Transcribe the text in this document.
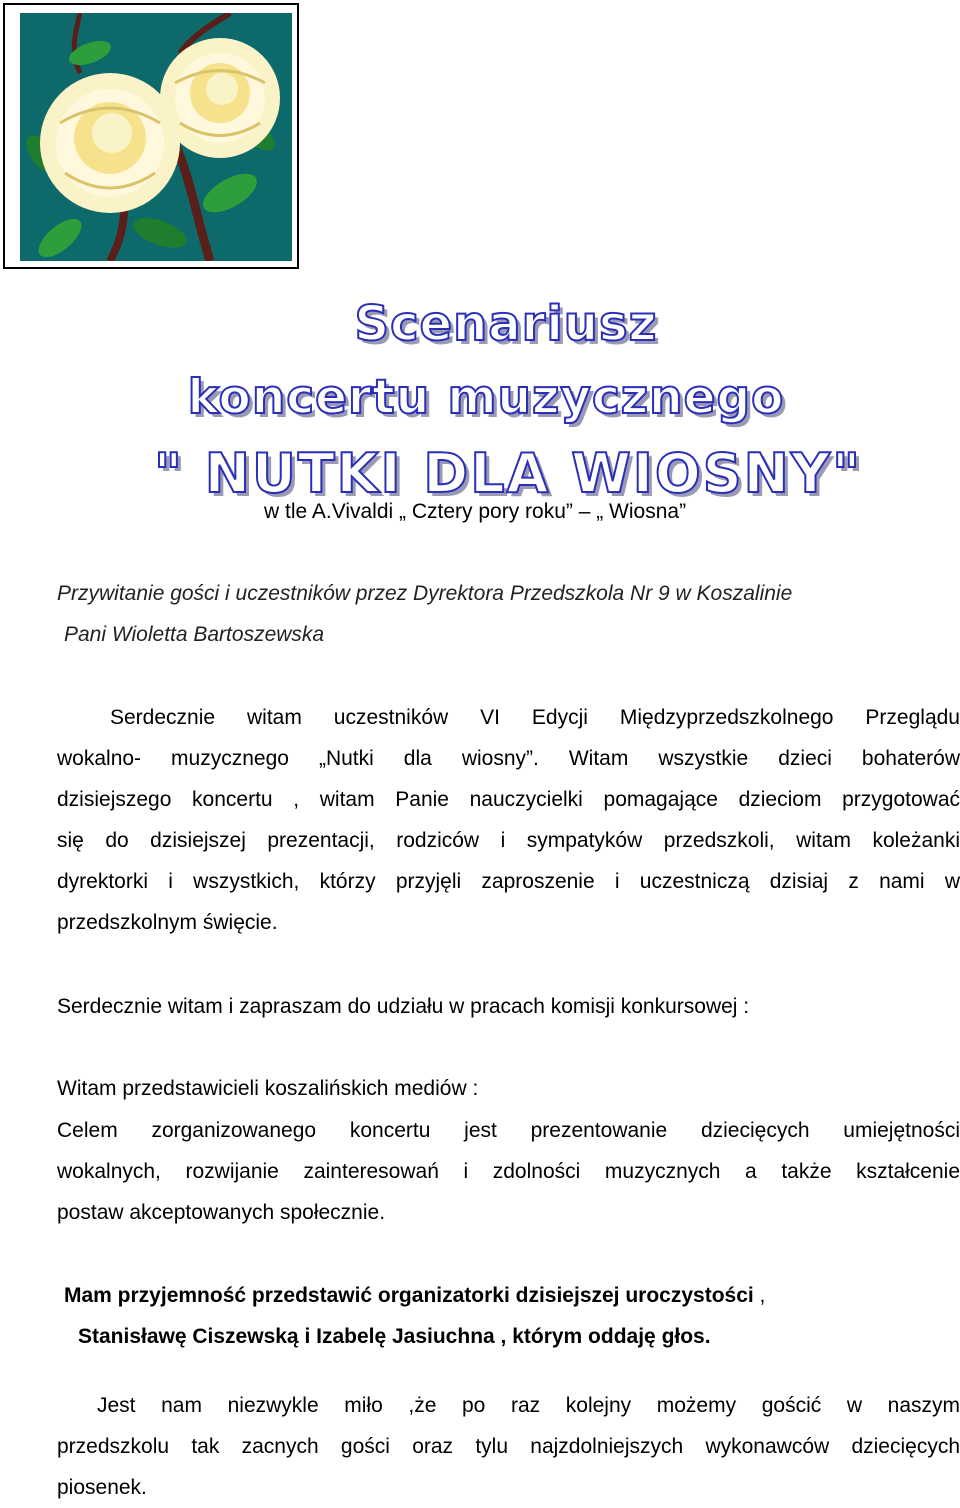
Scenariusz
koncertu muzycznego
" NUTKI DLA WIOSNY"
w tle A.Vivaldi „ Cztery pory roku” – „ Wiosna”
Przywitanie gości i uczestników przez Dyrektora Przedszkola Nr 9 w Koszalinie
Pani Wioletta Bartoszewska
Serdecznie witam uczestników VI Edycji Międzyprzedszkolnego Przeglądu
wokalno- muzycznego „Nutki dla wiosny”. Witam wszystkie dzieci bohaterów
dzisiejszego koncertu , witam Panie nauczycielki pomagające dzieciom przygotować
się do dzisiejszej prezentacji, rodziców i sympatyków przedszkoli, witam koleżanki
dyrektorki i wszystkich, którzy przyjęli zaproszenie i uczestniczą dzisiaj z nami w
przedszkolnym święcie.
Serdecznie witam i zapraszam do udziału w pracach komisji konkursowej :
Witam przedstawicieli koszalińskich mediów :
Celem zorganizowanego koncertu jest prezentowanie dziecięcych umiejętności
wokalnych, rozwijanie zainteresowań i zdolności muzycznych a także kształcenie
postaw akceptowanych społecznie.
Mam przyjemność przedstawić organizatorki dzisiejszej uroczystości ,
Stanisławę Ciszewską i Izabelę Jasiuchna , którym oddaję głos.
Jest nam niezwykle miło ,że po raz kolejny możemy gościć w naszym
przedszkolu tak zacnych gości oraz tylu najzdolniejszych wykonawców dziecięcych
piosenek.
